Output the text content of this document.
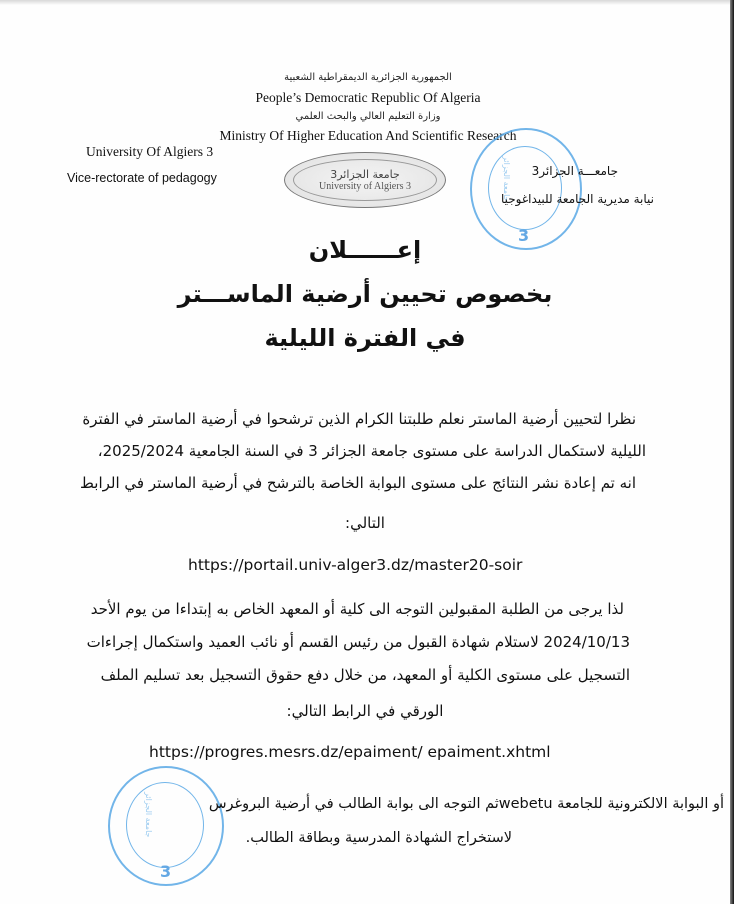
الجمهورية الجزائرية الديمقراطية الشعبية
People’s Democratic Republic Of Algeria
وزارة التعليم العالي والبحث العلمي
Ministry Of Higher Education And Scientific Research
University Of Algiers 3
Vice-rectorate of pedagogy	جامعة الجزائر3
University of Algiers 3
3
جامعة الجزائر جامعـــة الجزائر3
نيابة مديرية الجامعة للبيداغوجيا
إعــــــلان
بخصوص تحيين أرضية الماســـتر
في الفترة الليلية
نظرا لتحيين أرضية الماستر نعلم طلبتنا الكرام الذين ترشحوا في أرضية الماستر في الفترة
الليلية لاستكمال الدراسة على مستوى جامعة الجزائر 3 في السنة الجامعية 2025/2024،
انه تم إعادة نشر النتائج على مستوى البوابة الخاصة بالترشح في أرضية الماستر في الرابط
التالي:
https://portail.univ-alger3.dz/master20-soir
لذا يرجى من الطلبة المقبولين التوجه الى كلية أو المعهد الخاص به إبتداءا من يوم الأحد
2024/10/13 لاستلام شهادة القبول من رئيس القسم أو نائب العميد واستكمال إجراءات
التسجيل على مستوى الكلية أو المعهد، من خلال دفع حقوق التسجيل بعد تسليم الملف
الورقي في الرابط التالي:
https://progres.mesrs.dz/epaiment/ epaiment.xhtml
3
جامعة الجزائر	أو البوابة الالكترونية للجامعة webetuثم التوجه الى بوابة الطالب في أرضية البروغرس
لاستخراج الشهادة المدرسية وبطاقة الطالب.
